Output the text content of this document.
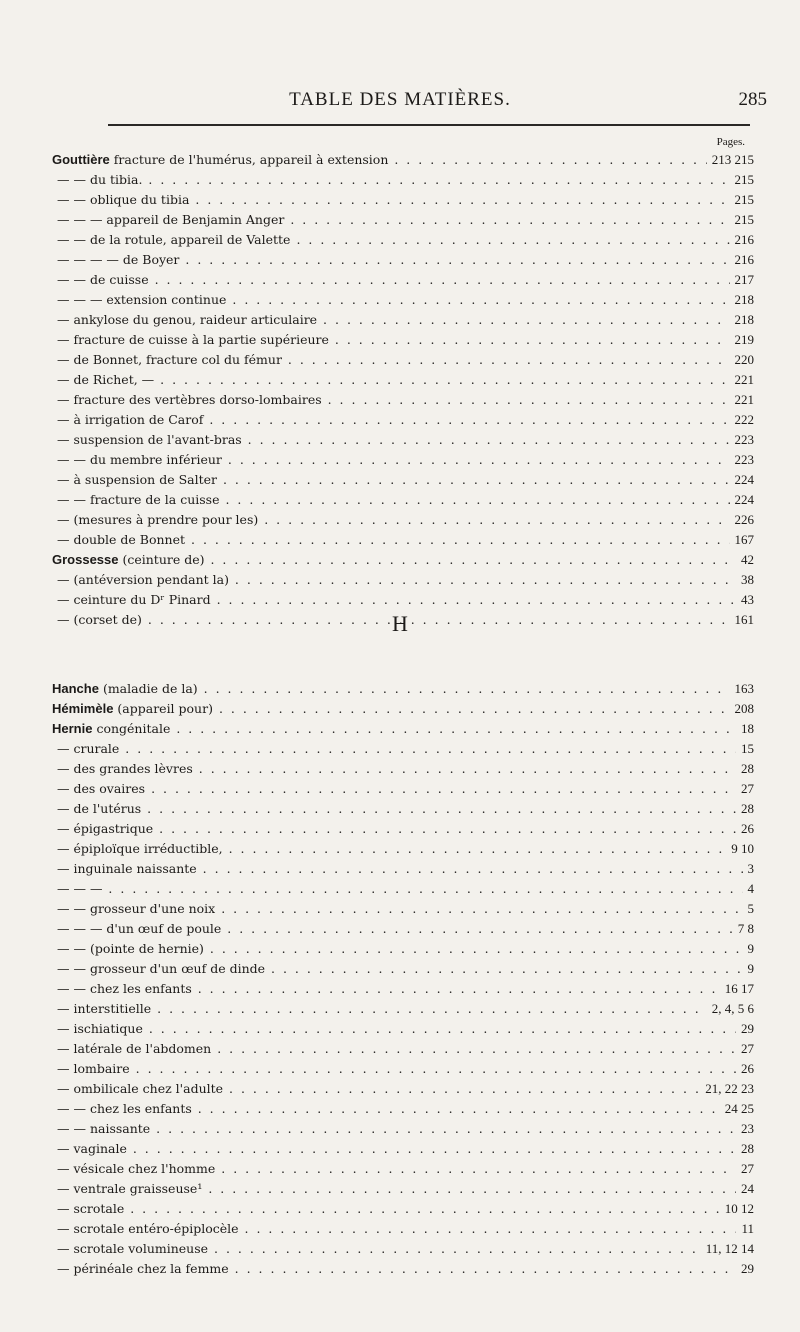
TABLE DES MATIÈRES.	285
Pages.
Gouttière fracture de l'humérus, appareil à extension . . .	213 215
— — du tibia. . . .	215
— — oblique du tibia . . .	215
— — — appareil de Benjamin Anger . . .	215
— — de la rotule, appareil de Valette . . .	216
— — — — de Boyer . . .	216
— — de cuisse . . .	217
— — — extension continue . . .	218
— ankylose du genou, raideur articulaire . . .	218
— fracture de cuisse à la partie supérieure . . .	219
— de Bonnet, fracture col du fémur . . .	220
— de Richet, — . . .	221
— fracture des vertèbres dorso-lombaires . . .	221
— à irrigation de Carof . . .	222
— suspension de l'avant-bras . . .	223
— — du membre inférieur . . .	223
— à suspension de Salter . . .	224
— — fracture de la cuisse . . .	224
— (mesures à prendre pour les) . . .	226
— double de Bonnet . . .	167
Grossesse (ceinture de) . . .	42
— (antéversion pendant la) . . .	38
— ceinture du Dʳ Pinard . . .	43
— (corset de) . . .	161
H
Hanche (maladie de la) . . .	163
Hémimèle (appareil pour) . . .	208
Hernie congénitale . . .	18
— crurale . . .	15
— des grandes lèvres . . .	28
— des ovaires . . .	27
— de l'utérus . . .	28
— épigastrique . . .	26
— épiploïque irréductible, . . .	9 10
— inguinale naissante . . .	3
— — — . . .	4
— — grosseur d'une noix . . .	5
— — — d'un œuf de poule . . .	7 8
— — (pointe de hernie) . . .	9
— — grosseur d'un œuf de dinde . . .	9
— — chez les enfants . . .	16 17
— interstitielle . . .	2, 4, 5 6
— ischiatique . . .	29
— latérale de l'abdomen . . .	27
— lombaire . . .	26
— ombilicale chez l'adulte . . .	21, 22 23
— — chez les enfants . . .	24 25
— — naissante . . .	23
— vaginale . . .	28
— vésicale chez l'homme . . .	27
— ventrale graisseuse¹ . . .	24
— scrotale . . .	10 12
— scrotale entéro-épiplocèle . . .	11
— scrotale volumineuse . . .	11, 12 14
— périnéale chez la femme . . .	29
